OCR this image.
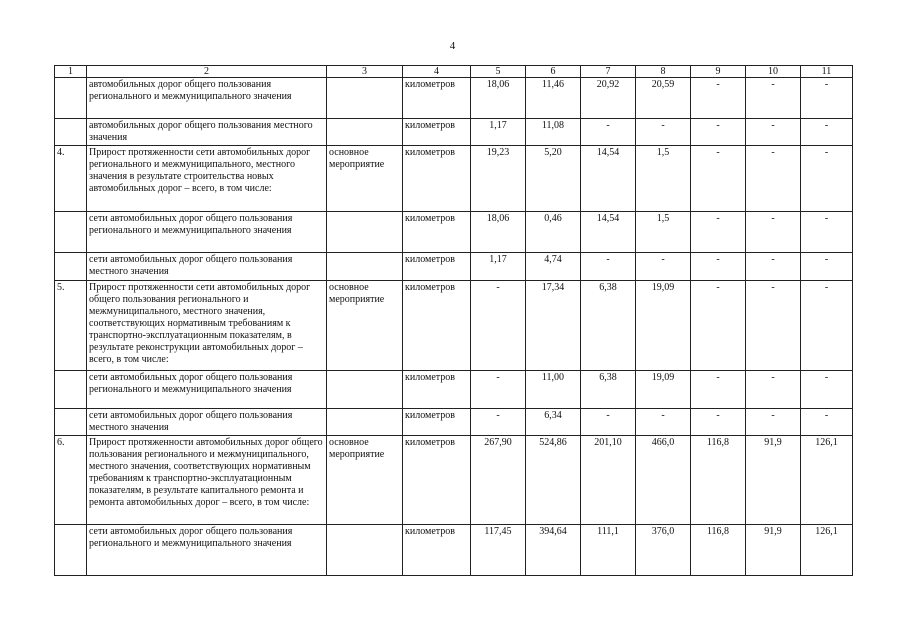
4
1	2	3	4	5	6	7	8	9	10	11
	автомобильных дорог общего пользования регионального и межмуниципального значения		километров	18,06	11,46	20,92	20,59	-	-	-
	автомобильных дорог общего пользования местного значения		километров	1,17	11,08	-	-	-	-	-
4.	Прирост протяженности сети автомобильных дорог регионального и межмуниципального, местного значения в результате строительства новых автомобильных дорог – всего, в том числе:	основное мероприятие	километров	19,23	5,20	14,54	1,5	-	-	-
	сети автомобильных дорог общего пользования регионального и межмуниципального значения		километров	18,06	0,46	14,54	1,5	-	-	-
	сети автомобильных дорог общего пользования местного значения		километров	1,17	4,74	-	-	-	-	-
5.	Прирост протяженности сети автомобильных дорог общего пользования регионального и межмуниципального, местного значения, соответствующих нормативным требованиям к транспортно-эксплуатационным показателям, в результате реконструкции автомобильных дорог – всего, в том числе:	основное мероприятие	километров	-	17,34	6,38	19,09	-	-	-
	сети автомобильных дорог общего пользования регионального и межмуниципального значения		километров	-	11,00	6,38	19,09	-	-	-
	сети автомобильных дорог общего пользования местного значения		километров	-	6,34	-	-	-	-	-
6.	Прирост протяженности автомобильных дорог общего пользования регионального и межмуниципального, местного значения, соответствующих нормативным требованиям к транспортно-эксплуатационным показателям, в результате капитального ремонта и ремонта автомобильных дорог – всего, в том числе:	основное мероприятие	километров	267,90	524,86	201,10	466,0	116,8	91,9	126,1
	сети автомобильных дорог общего пользования регионального и межмуниципального значения		километров	117,45	394,64	111,1	376,0	116,8	91,9	126,1
